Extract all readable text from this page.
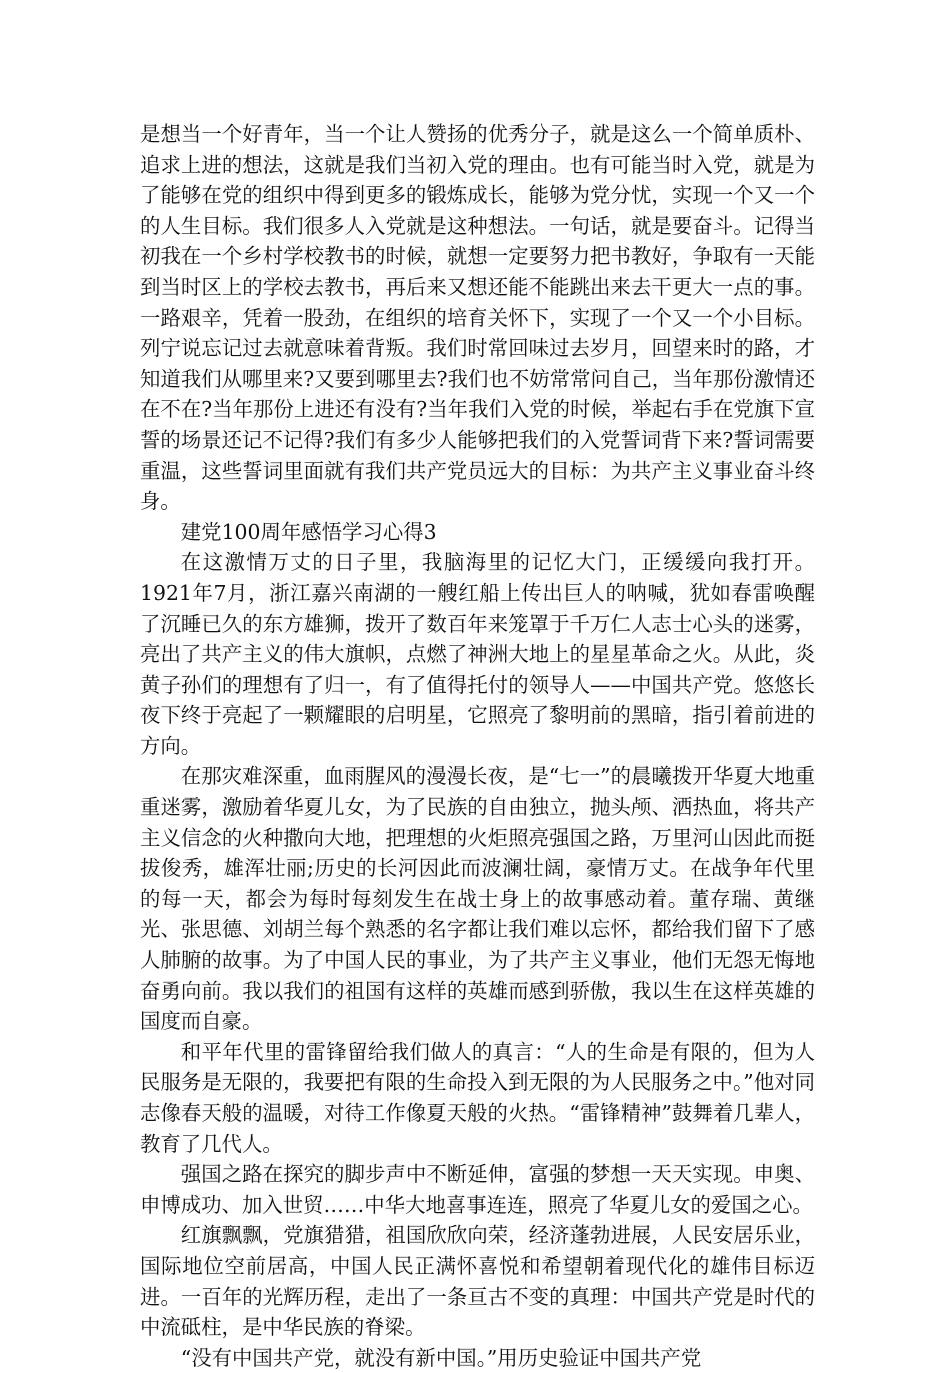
是想当一个好青年，当一个让人赞扬的优秀分子，就是这么一个简单质朴、追求上进的想法，这就是我们当初入党的理由。也有可能当时入党，就是为了能够在党的组织中得到更多的锻炼成长，能够为党分忧，实现一个又一个的人生目标。我们很多人入党就是这种想法。一句话，就是要奋斗。记得当初我在一个乡村学校教书的时候，就想一定要努力把书教好，争取有一天能到当时区上的学校去教书，再后来又想还能不能跳出来去干更大一点的事。一路艰辛，凭着一股劲，在组织的培育关怀下，实现了一个又一个小目标。列宁说忘记过去就意味着背叛。我们时常回味过去岁月，回望来时的路，才知道我们从哪里来?又要到哪里去?我们也不妨常常问自己，当年那份激情还在不在?当年那份上进还有没有?当年我们入党的时候，举起右手在党旗下宣誓的场景还记不记得?我们有多少人能够把我们的入党誓词背下来?誓词需要重温，这些誓词里面就有我们共产党员远大的目标：为共产主义事业奋斗终身。

建党100周年感悟学习心得3

在这激情万丈的日子里，我脑海里的记忆大门，正缓缓向我打开。1921年7月，浙江嘉兴南湖的一艘红船上传出巨人的呐喊，犹如春雷唤醒了沉睡已久的东方雄狮，拨开了数百年来笼罩于千万仁人志士心头的迷雾，亮出了共产主义的伟大旗帜，点燃了神洲大地上的星星革命之火。从此，炎黄子孙们的理想有了归一，有了值得托付的领导人——中国共产党。悠悠长夜下终于亮起了一颗耀眼的启明星，它照亮了黎明前的黑暗，指引着前进的方向。

在那灾难深重，血雨腥风的漫漫长夜，是“七一”的晨曦拨开华夏大地重重迷雾，激励着华夏儿女，为了民族的自由独立，抛头颅、洒热血，将共产主义信念的火种撒向大地，把理想的火炬照亮强国之路，万里河山因此而挺拔俊秀，雄浑壮丽;历史的长河因此而波澜壮阔，豪情万丈。在战争年代里的每一天，都会为每时每刻发生在战士身上的故事感动着。董存瑞、黄继光、张思德、刘胡兰每个熟悉的名字都让我们难以忘怀，都给我们留下了感人肺腑的故事。为了中国人民的事业，为了共产主义事业，他们无怨无悔地奋勇向前。我以我们的祖国有这样的英雄而感到骄傲，我以生在这样英雄的国度而自豪。

和平年代里的雷锋留给我们做人的真言：“人的生命是有限的，但为人民服务是无限的，我要把有限的生命投入到无限的为人民服务之中。”他对同志像春天般的温暖，对待工作像夏天般的火热。“雷锋精神”鼓舞着几辈人，教育了几代人。

强国之路在探究的脚步声中不断延伸，富强的梦想一天天实现。申奥、申博成功、加入世贸……中华大地喜事连连，照亮了华夏儿女的爱国之心。

红旗飘飘，党旗猎猎，祖国欣欣向荣，经济蓬勃进展，人民安居乐业，国际地位空前居高，中国人民正满怀喜悦和希望朝着现代化的雄伟目标迈进。一百年的光辉历程，走出了一条亘古不变的真理：中国共产党是时代的中流砥柱，是中华民族的脊梁。

“没有中国共产党，就没有新中国。”用历史验证中国共产党
